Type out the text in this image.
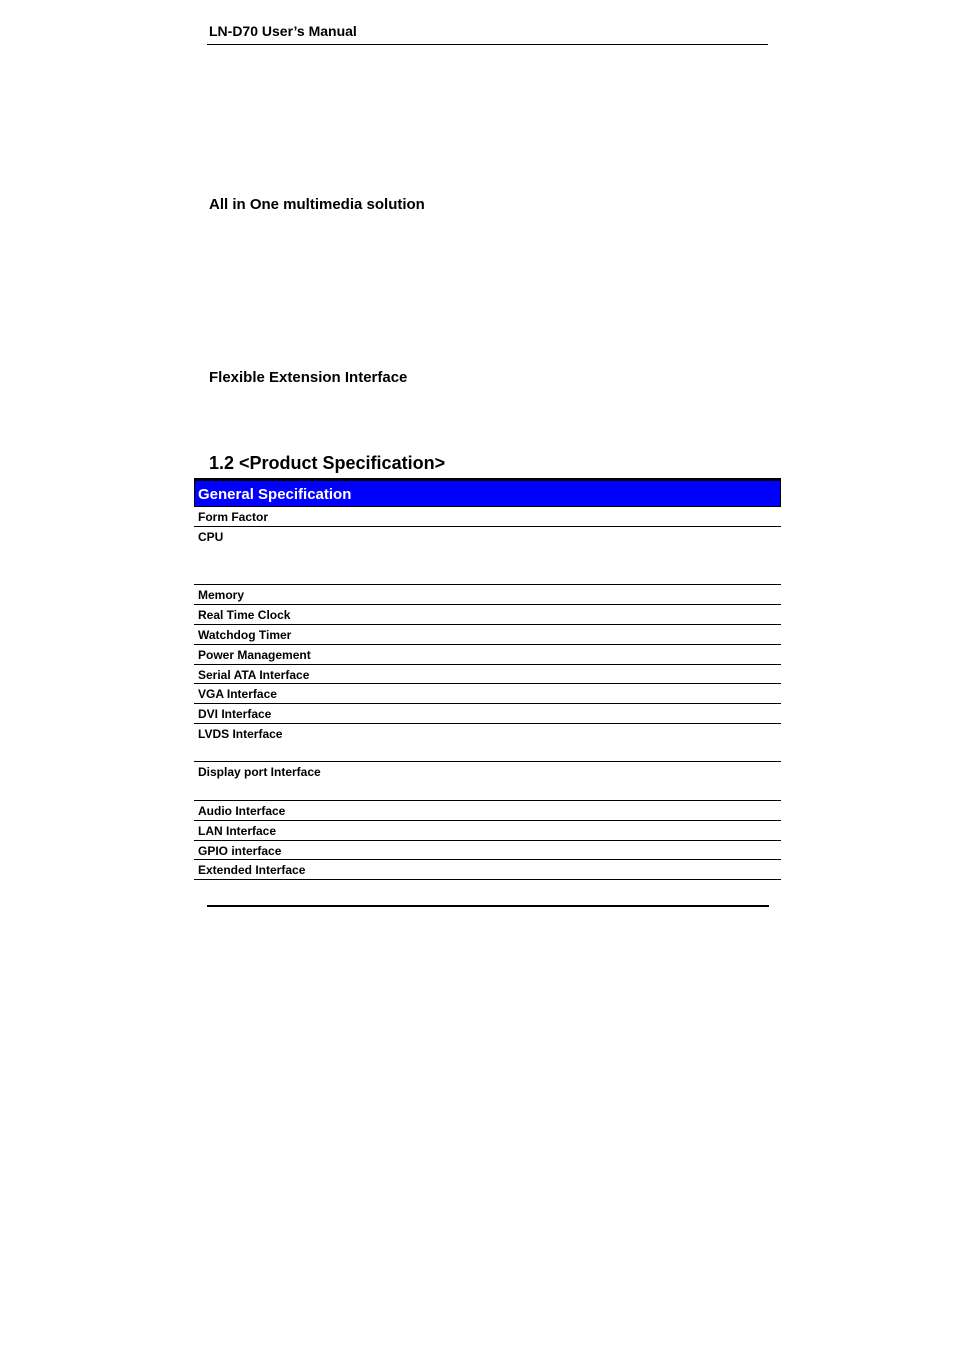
LN-D70 User’s Manual
All in One multimedia solution
Flexible Extension Interface
1.2 <Product Specification>
General Specification
Form Factor
CPU
Memory
Real Time Clock
Watchdog Timer
Power Management
Serial ATA Interface
VGA Interface
DVI Interface
LVDS Interface
Display port Interface
Audio Interface
LAN Interface
GPIO interface
Extended Interface
